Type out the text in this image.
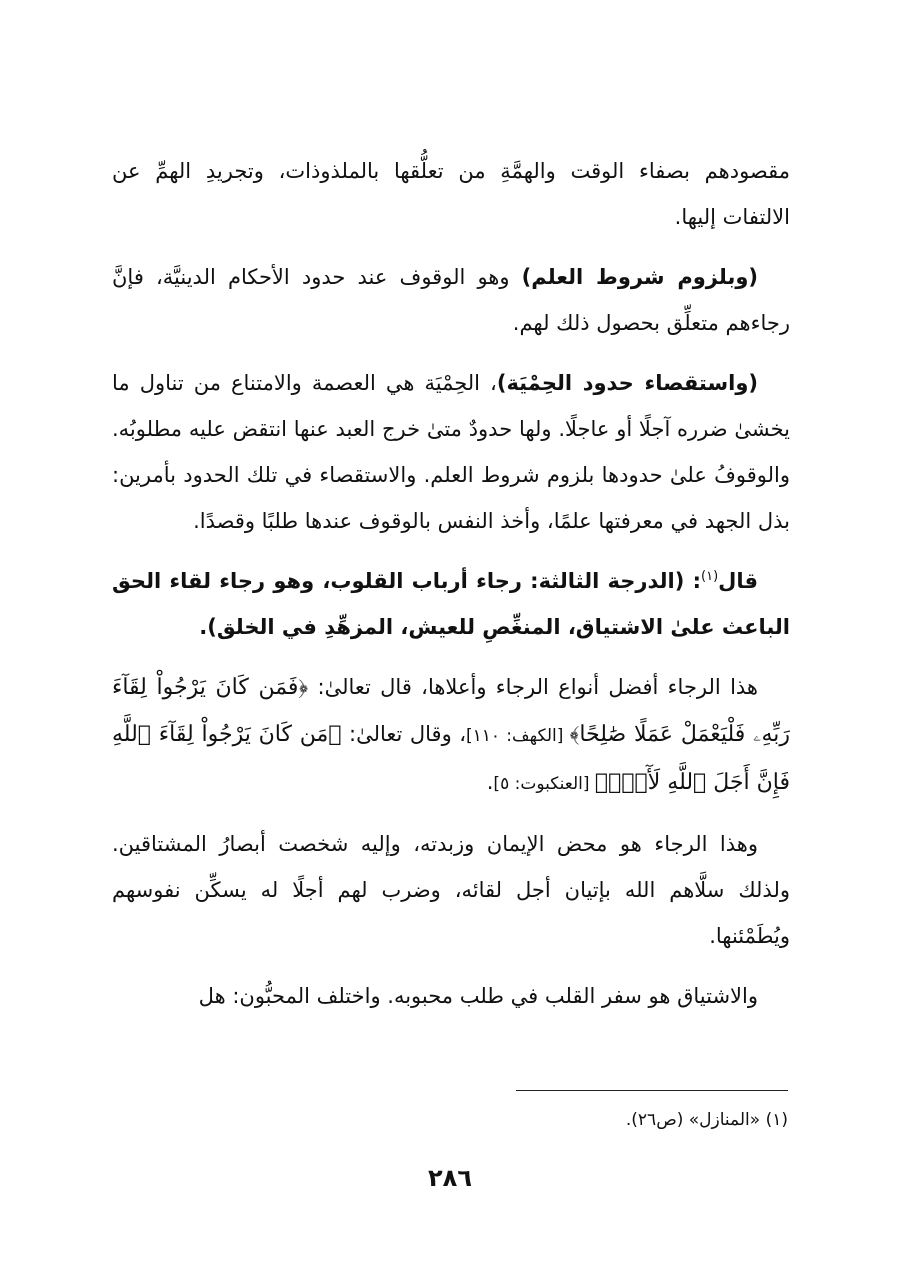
مقصودهم بصفاء الوقت والهمَّةِ من تعلُّقها بالملذوذات، وتجريدِ الهمِّ عن الالتفات إليها.

(وبلزوم شروط العلم) وهو الوقوف عند حدود الأحكام الدينيَّة، فإنَّ رجاءهم متعلِّق بحصول ذلك لهم.

(واستقصاء حدود الحِمْيَة)، الحِمْيَة هي العصمة والامتناع من تناول ما يخشىٰ ضرره آجلًا أو عاجلًا. ولها حدودٌ متىٰ خرج العبد عنها انتقض عليه مطلوبُه. والوقوفُ علىٰ حدودها بلزوم شروط العلم. والاستقصاء في تلك الحدود بأمرين: بذل الجهد في معرفتها علمًا، وأخذ النفس بالوقوف عندها طلبًا وقصدًا.

قال$^{(١)}$: (الدرجة الثالثة: رجاء أرباب القلوب، وهو رجاء لقاء الحق الباعث علىٰ الاشتياق، المنغِّصِ للعيش، المزهِّدِ في الخلق).

هذا الرجاء أفضل أنواع الرجاء وأعلاها، قال تعالىٰ: ﴿فَمَن كَانَ يَرْجُواْ لِقَآءَ رَبِّهِۦ فَلْيَعْمَلْ عَمَلًا صَٰلِحًا﴾ [الكهف: ١١٠]، وقال تعالىٰ: ﴿مَن كَانَ يَرْجُواْ لِقَآءَ ٱللَّهِ فَإِنَّ أَجَلَ ٱللَّهِ لَأٓتٍۚ﴾ [العنكبوت: ٥].

وهذا الرجاء هو محض الإيمان وزبدته، وإليه شخصت أبصارُ المشتاقين. ولذلك سلَّاهم الله بإتيان أجل لقائه، وضرب لهم أجلًا له يسكِّن نفوسهم ويُطَمْئنها.

والاشتياق هو سفر القلب في طلب محبوبه. واختلف المحبُّون: هل

(١) «المنازل» (ص٢٦).
٢٨٦
